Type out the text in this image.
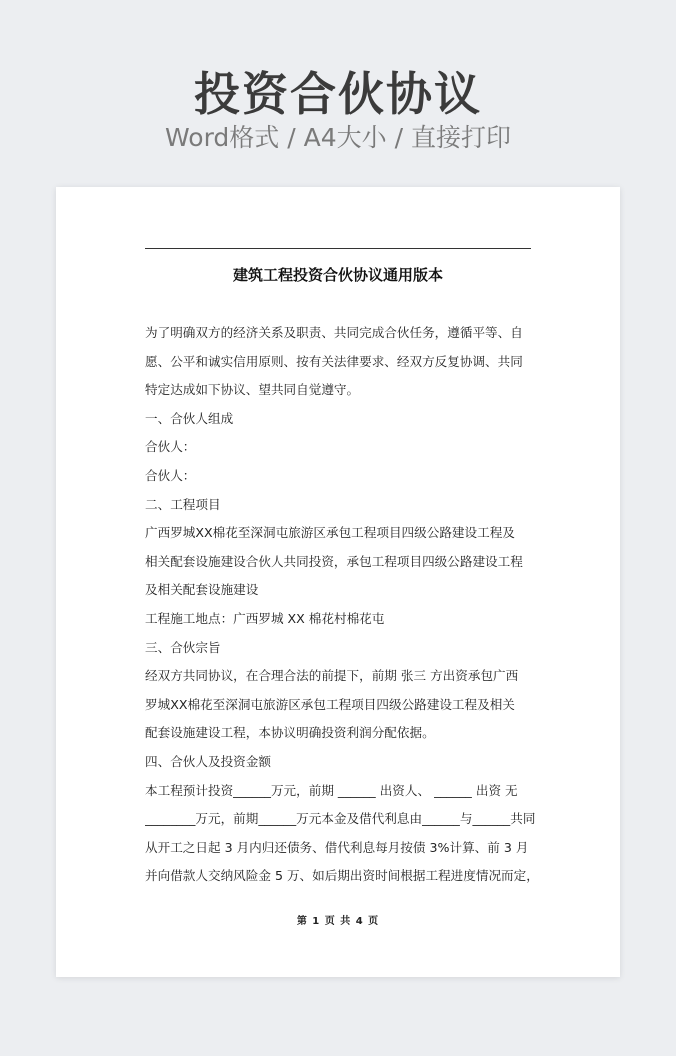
投资合伙协议
Word格式 / A4大小 / 直接打印
建筑工程投资合伙协议通用版本
为了明确双方的经济关系及职责、共同完成合伙任务，遵循平等、自
愿、公平和诚实信用原则、按有关法律要求、经双方反复协调、共同
特定达成如下协议、望共同自觉遵守。
一、合伙人组成
合伙人：
合伙人：
二、工程项目
广西罗城XX棉花至深洞屯旅游区承包工程项目四级公路建设工程及
相关配套设施建设合伙人共同投资，承包工程项目四级公路建设工程
及相关配套设施建设
工程施工地点：广西罗城 XX 棉花村棉花屯
三、合伙宗旨
经双方共同协议，在合理合法的前提下，前期 张三 方出资承包广西
罗城XX棉花至深洞屯旅游区承包工程项目四级公路建设工程及相关
配套设施建设工程，本协议明确投资利润分配依据。
四、合伙人及投资金额
本工程预计投资______万元，前期 ______ 出资人、 ______ 出资 无
________万元，前期______万元本金及借代利息由______与______共同
从开工之日起 3 月内归还债务、借代利息每月按债 3%计算、前 3 月
并向借款人交纳风险金 5 万、如后期出资时间根据工程进度情况而定，
第 1 页 共 4 页
